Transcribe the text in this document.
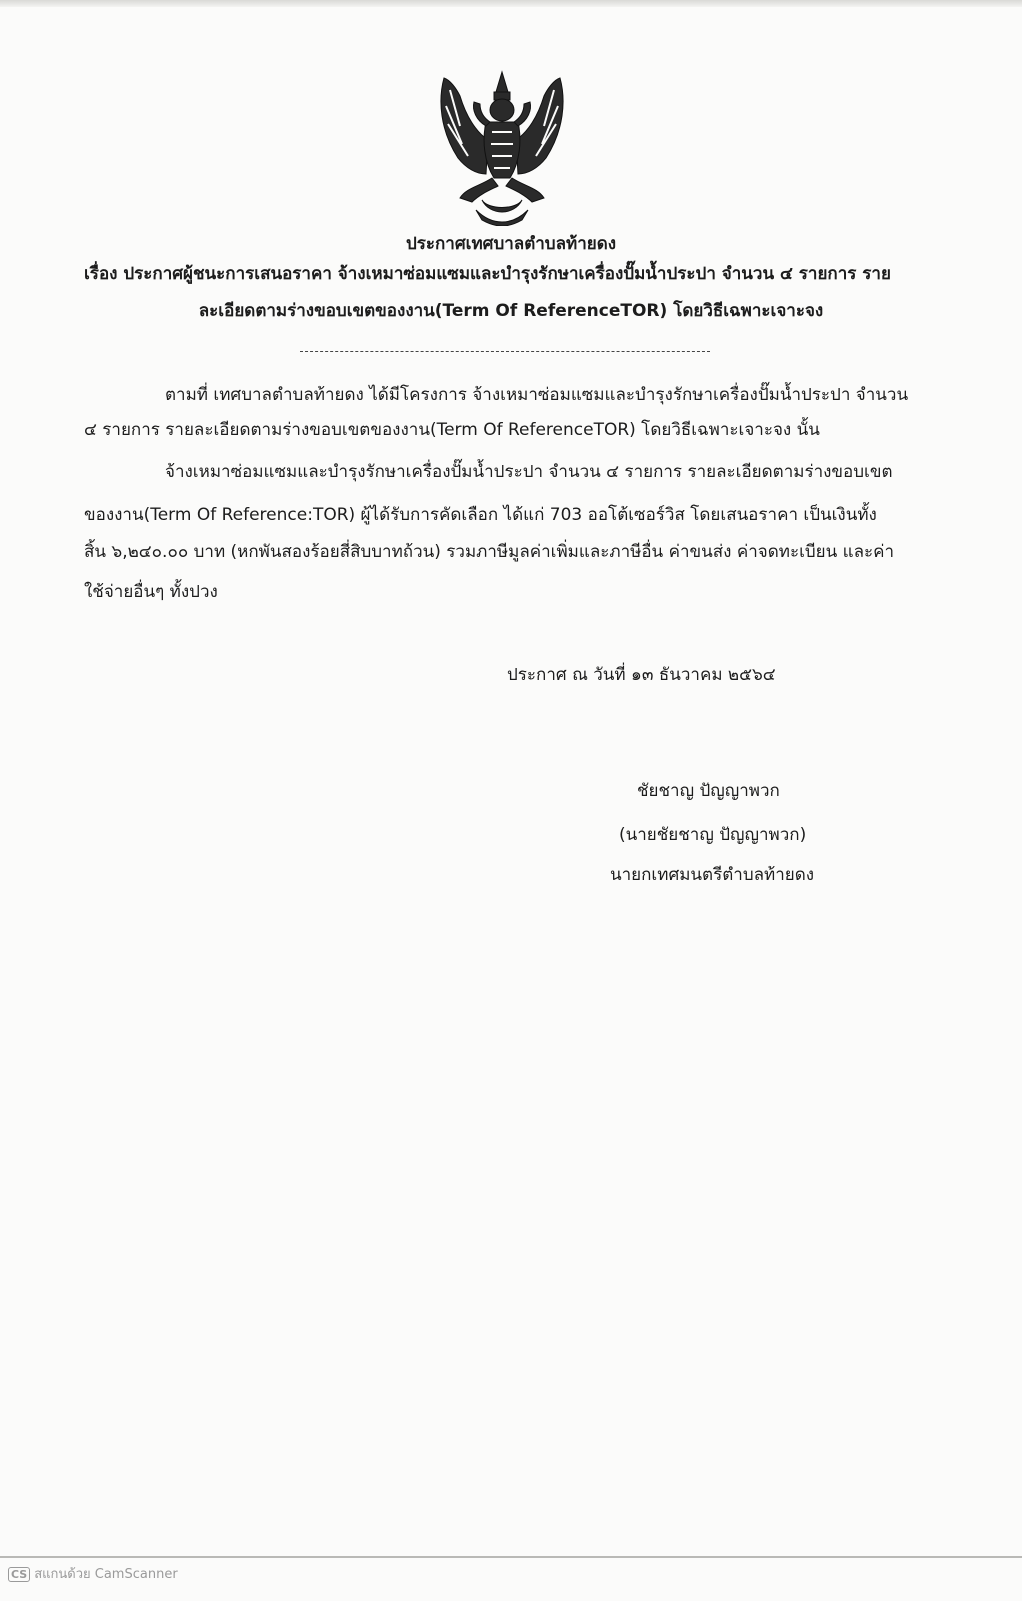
ประกาศเทศบาลตำบลท้ายดง
เรื่อง ประกาศผู้ชนะการเสนอราคา จ้างเหมาซ่อมแซมและบำรุงรักษาเครื่องปั๊มน้ำประปา จำนวน ๔ รายการ ราย
ละเอียดตามร่างขอบเขตของงาน(Term Of ReferenceTOR) โดยวิธีเฉพาะเจาะจง
ตามที่ เทศบาลตำบลท้ายดง ได้มีโครงการ จ้างเหมาซ่อมแซมและบำรุงรักษาเครื่องปั๊มน้ำประปา จำนวน
๔ รายการ รายละเอียดตามร่างขอบเขตของงาน(Term Of ReferenceTOR) โดยวิธีเฉพาะเจาะจง นั้น
จ้างเหมาซ่อมแซมและบำรุงรักษาเครื่องปั๊มน้ำประปา จำนวน ๔ รายการ รายละเอียดตามร่างขอบเขต
ของงาน(Term Of Reference:TOR) ผู้ได้รับการคัดเลือก ได้แก่ 703 ออโต้เซอร์วิส โดยเสนอราคา เป็นเงินทั้ง
สิ้น ๖,๒๔๐.๐๐ บาท (หกพันสองร้อยสี่สิบบาทถ้วน) รวมภาษีมูลค่าเพิ่มและภาษีอื่น ค่าขนส่ง ค่าจดทะเบียน และค่า
ใช้จ่ายอื่นๆ ทั้งปวง
ประกาศ ณ วันที่ ๑๓ ธันวาคม ๒๕๖๔
ชัยชาญ ปัญญาพวก
(นายชัยชาญ ปัญญาพวก)
นายกเทศมนตรีตำบลท้ายดง
CS สแกนด้วย CamScanner
